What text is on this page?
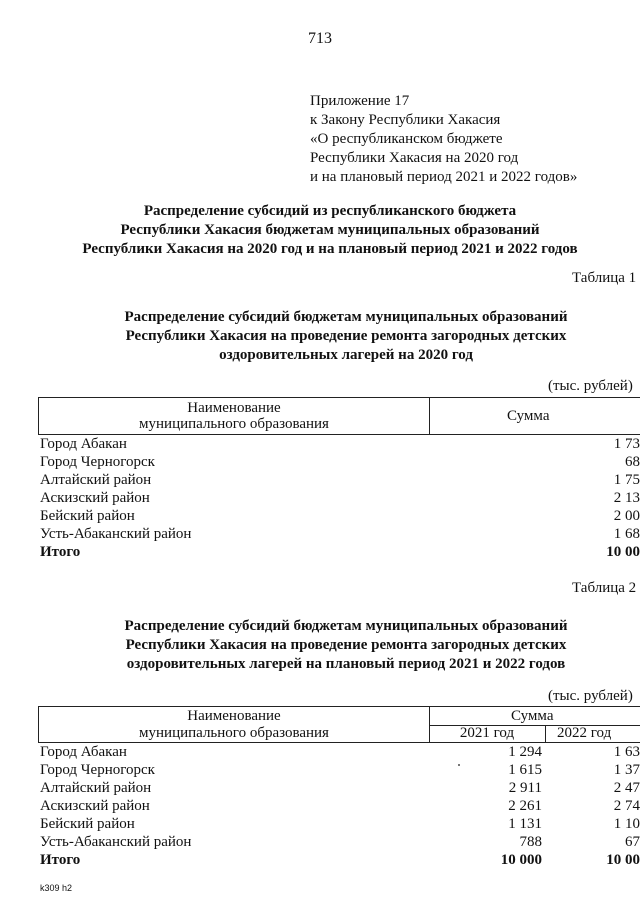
713
Приложение 17
к Закону Республики Хакасия
«О республиканском бюджете
Республики Хакасия на 2020 год
и на плановый период 2021 и 2022 годов»
Распределение субсидий из республиканского бюджета
Республики Хакасия бюджетам муниципальных образований
Республики Хакасия на 2020 год и на плановый период 2021 и 2022 годов
Таблица 1
Распределение субсидий бюджетам муниципальных образований
Республики Хакасия на проведение ремонта загородных детских
оздоровительных лагерей на 2020 год
(тыс. рублей)
Наименование
муниципального образования	Сумма
Город Абакан	1 73
Город Черногорск	68
Алтайский район	1 75
Аскизский район	2 13
Бейский район	2 00
Усть-Абаканский район	1 68
Итого	10 00
Таблица 2
Распределение субсидий бюджетам муниципальных образований
Республики Хакасия на проведение ремонта загородных детских
оздоровительных лагерей на плановый период 2021 и 2022 годов
(тыс. рублей)
Наименование
муниципального образования
Сумма
2021 год	2022 год
Город Абакан	1 294	1 63
Город Черногорск	1 615	1 37
Алтайский район	2 911	2 47
Аскизский район	2 261	2 74
Бейский район	1 131	1 10
Усть-Абаканский район	788	67
Итого	10 000	10 00
k309 h2
